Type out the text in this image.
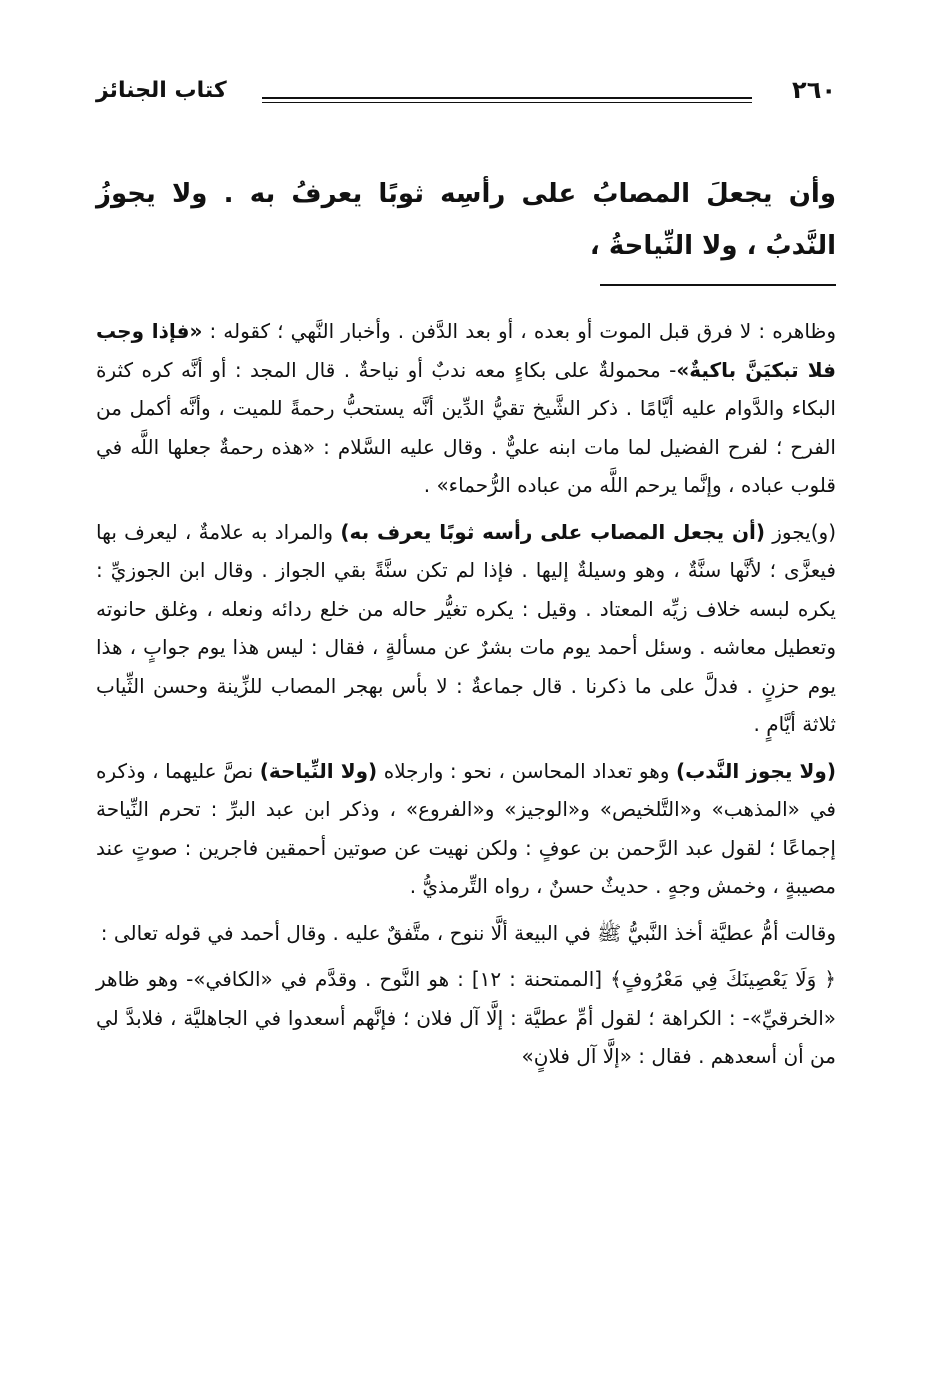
٢٦٠
كتاب الجنائز
وأن يجعلَ المصابُ على رأسِه ثوبًا يعرفُ به . ولا يجوزُ النَّدبُ ، ولا النِّياحةُ ،

وظاهره : لا فرق قبل الموت أو بعده ، أو بعد الدَّفن . وأخبار النَّهي ؛ كقوله : «فإذا وجب فلا تبكيَنَّ باكيةٌ»- محمولةٌ على بكاءٍ معه ندبٌ أو نياحةٌ . قال المجد : أو أنَّه كره كثرة البكاء والدَّوام عليه أيَّامًا . ذكر الشَّيخ تقيُّ الدِّين أنَّه يستحبُّ رحمةً للميت ، وأنَّه أكمل من الفرح ؛ لفرح الفضيل لما مات ابنه عليٌّ . وقال عليه السَّلام : «هذه رحمةٌ جعلها اللَّه في قلوب عباده ، وإنَّما يرحم اللَّه من عباده الرُّحماء» .

(و)يجوز (أن يجعل المصاب على رأسه ثوبًا يعرف به) والمراد به علامةٌ ، ليعرف بها فيعزَّى ؛ لأنَّها سنَّةٌ ، وهو وسيلةٌ إليها . فإذا لم تكن سنَّةً بقي الجواز . وقال ابن الجوزيِّ : يكره لبسه خلاف زيِّه المعتاد . وقيل : يكره تغيُّر حاله من خلع ردائه ونعله ، وغلق حانوته وتعطيل معاشه . وسئل أحمد يوم مات بشرٌ عن مسألةٍ ، فقال : ليس هذا يوم جوابٍ ، هذا يوم حزنٍ . فدلَّ على ما ذكرنا . قال جماعةٌ : لا بأس بهجر المصاب للزِّينة وحسن الثِّياب ثلاثة أيَّامٍ .

(ولا يجوز النَّدب) وهو تعداد المحاسن ، نحو : وارجلاه (ولا النِّياحة) نصَّ عليهما ، وذكره في «المذهب» و«التَّلخيص» و«الوجيز» و«الفروع» ، وذكر ابن عبد البرِّ : تحرم النِّياحة إجماعًا ؛ لقول عبد الرَّحمن بن عوفٍ : ولكن نهيت عن صوتين أحمقين فاجرين : صوتٍ عند مصيبةٍ ، وخمش وجهٍ . حديثٌ حسنٌ ، رواه التِّرمذيُّ .

وقالت أمُّ عطيَّة أخذ النَّبيُّ ﷺ في البيعة ألَّا ننوح ، متَّفقٌ عليه . وقال أحمد في قوله تعالى :

﴿ وَلَا يَعْصِينَكَ فِي مَعْرُوفٍ﴾ [الممتحنة : ١٢] : هو النَّوح . وقدَّم في «الكافي»- وهو ظاهر «الخرقيِّ»- : الكراهة ؛ لقول أمِّ عطيَّة : إلَّا آل فلان ؛ فإنَّهم أسعدوا في الجاهليَّة ، فلابدَّ لي من أن أسعدهم . فقال : «إلَّا آل فلانٍ»
